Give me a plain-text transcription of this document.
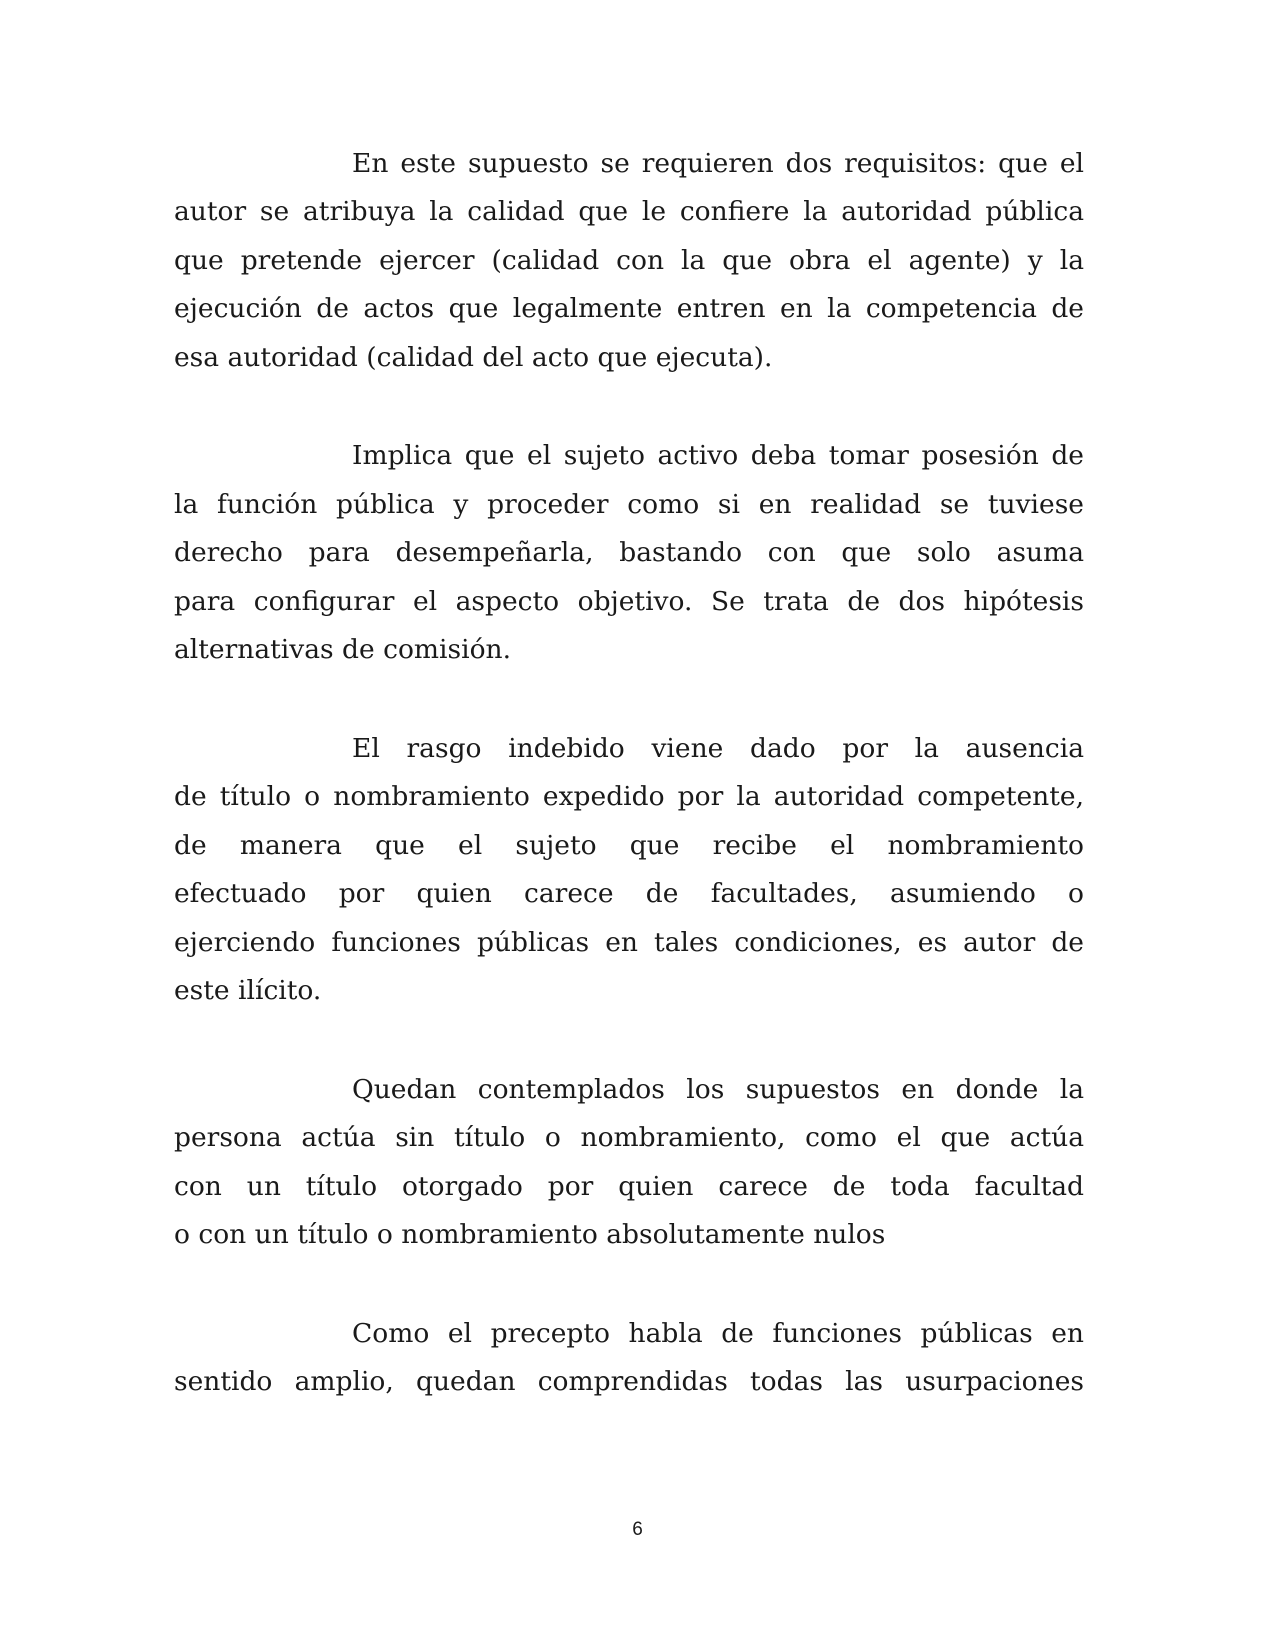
En este supuesto se requieren dos requisitos: que el

autor se atribuya la calidad que le confiere la autoridad pública

que pretende ejercer (calidad con la que obra el agente) y la

ejecución de actos que legalmente entren en la competencia de

esa autoridad (calidad del acto que ejecuta).

Implica que el sujeto activo deba tomar posesión de

la función pública y proceder como si en realidad se tuviese

derecho para desempeñarla, bastando con que solo asuma

para configurar el aspecto objetivo. Se trata de dos hipótesis

alternativas de comisión.

El rasgo indebido viene dado por la ausencia

de título o nombramiento expedido por la autoridad competente,

de manera que el sujeto que recibe el nombramiento

efectuado por quien carece de facultades, asumiendo o

ejerciendo funciones públicas en tales condiciones, es autor de

este ilícito.

Quedan contemplados los supuestos en donde la

persona actúa sin título o nombramiento, como el que actúa

con un título otorgado por quien carece de toda facultad

o con un título o nombramiento absolutamente nulos

Como el precepto habla de funciones públicas en

sentido amplio, quedan comprendidas todas las usurpaciones

6
